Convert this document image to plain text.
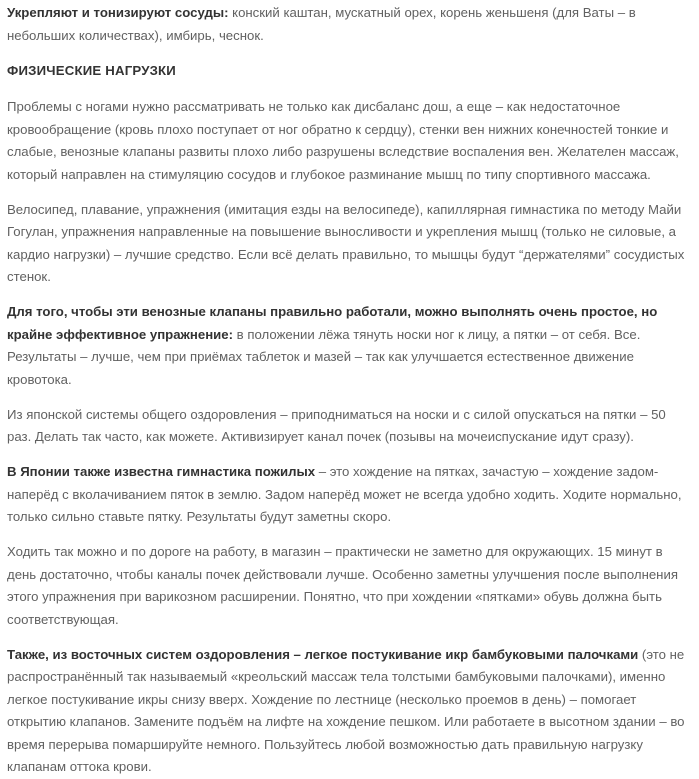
Укрепляют и тонизируют сосуды: конский каштан, мускатный орех, корень женьшеня (для Ваты – в небольших количествах), имбирь, чеснок.

ФИЗИЧЕСКИЕ НАГРУЗКИ

Проблемы с ногами нужно рассматривать не только как дисбаланс дош, а еще – как недостаточное кровообращение (кровь плохо поступает от ног обратно к сердцу), стенки вен нижних конечностей тонкие и слабые, венозные клапаны развиты плохо либо разрушены вследствие воспаления вен. Желателен массаж, который направлен на стимуляцию сосудов и глубокое разминание мышц по типу спортивного массажа.

Велосипед, плавание, упражнения (имитация езды на велосипеде), капиллярная гимнастика по методу Майи Гогулан, упражнения направленные на повышение выносливости и укрепления мышц (только не силовые, а кардио нагрузки) – лучшие средство. Если всё делать правильно, то мышцы будут “держателями” сосудистых стенок.

Для того, чтобы эти венозные клапаны правильно работали, можно выполнять очень простое, но крайне эффективное упражнение: в положении лёжа тянуть носки ног к лицу, а пятки – от себя. Все. Результаты – лучше, чем при приёмах таблеток и мазей – так как улучшается естественное движение кровотока.

Из японской системы общего оздоровления – приподниматься на носки и с силой опускаться на пятки – 50 раз. Делать так часто, как можете. Активизирует канал почек (позывы на мочеиспускание идут сразу).

В Японии также известна гимнастика пожилых – это хождение на пятках, зачастую – хождение задом-наперёд с вколачиванием пяток в землю. Задом наперёд может не всегда удобно ходить. Ходите нормально, только сильно ставьте пятку. Результаты будут заметны скоро.

Ходить так можно и по дороге на работу, в магазин – практически не заметно для окружающих. 15 минут в день достаточно, чтобы каналы почек действовали лучше. Особенно заметны улучшения после выполнения этого упражнения при варикозном расширении. Понятно, что при хождении «пятками» обувь должна быть соответствующая.

Также, из восточных систем оздоровления – легкое постукивание икр бамбуковыми палочками (это не распространённый так называемый «креольский массаж тела толстыми бамбуковыми палочками), именно легкое постукивание икры снизу вверх. Хождение по лестнице (несколько проемов в день) – помогает открытию клапанов. Замените подъём на лифте на хождение пешком. Или работаете в высотном здании – во время перерыва помаршируйте немного. Пользуйтесь любой возможностью дать правильную нагрузку клапанам оттока крови.
